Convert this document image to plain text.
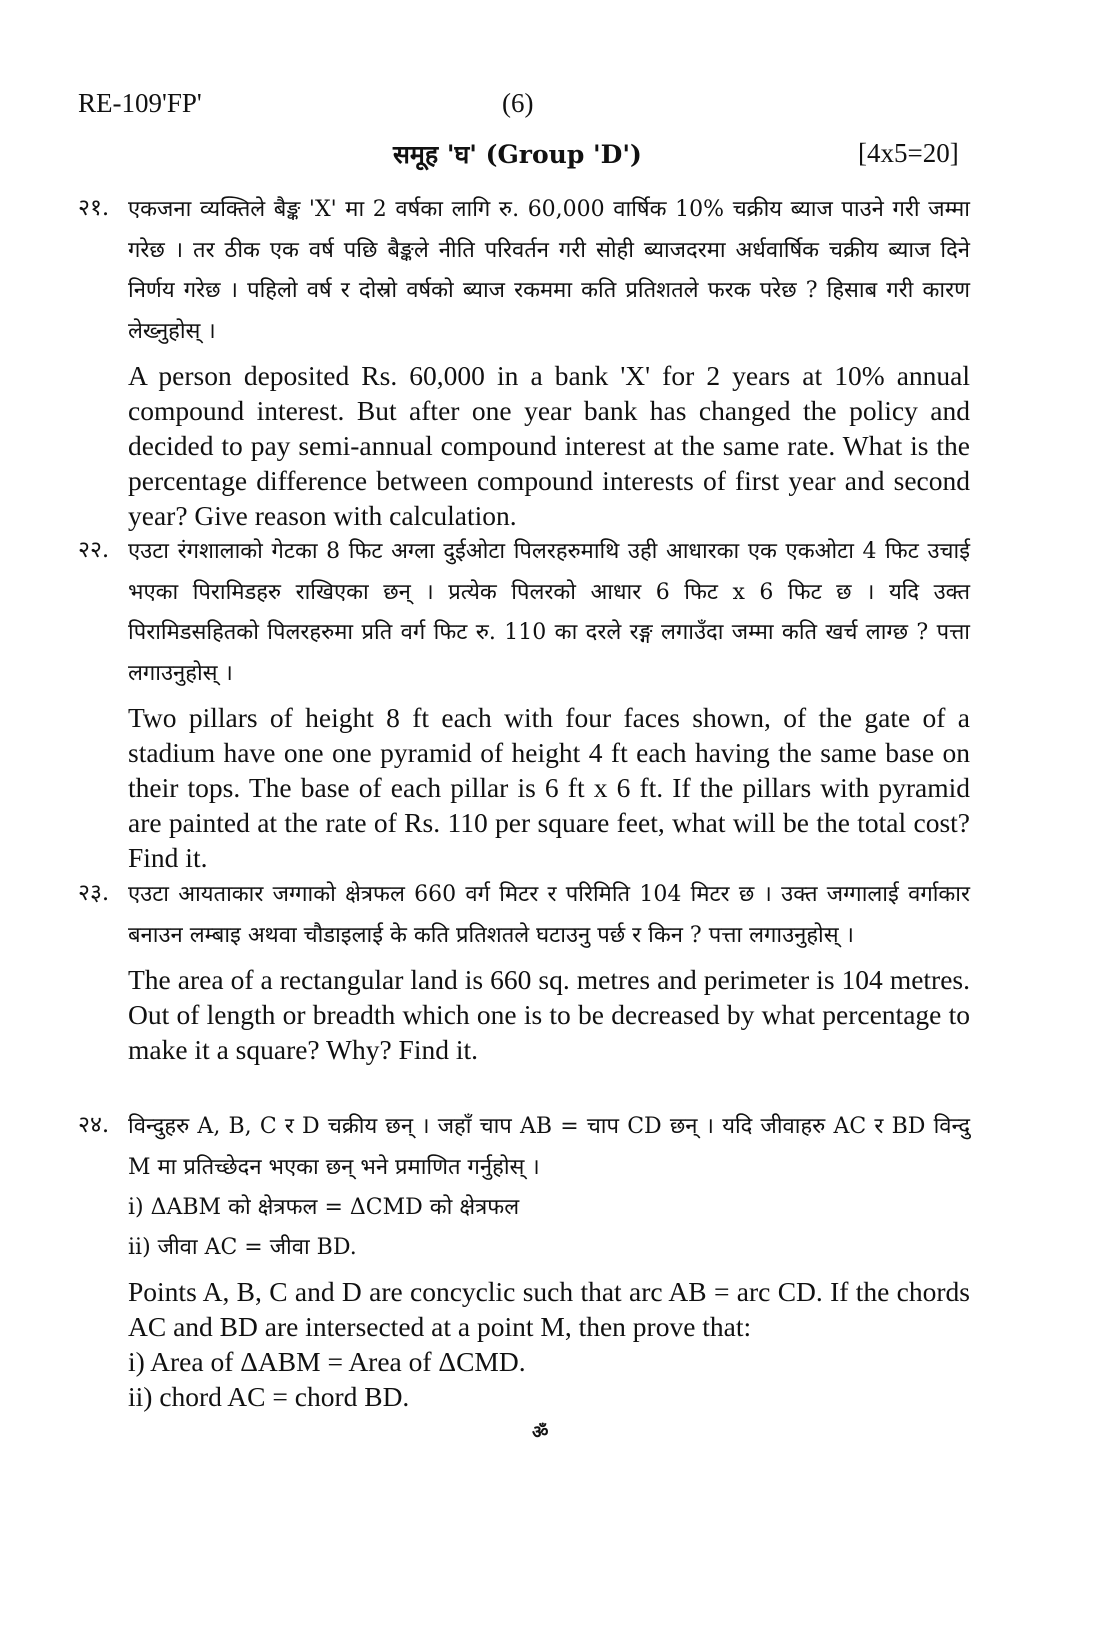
RE-109'FP'	(6)
समूह 'घ' (Group 'D')	[4x5=20]
२१. एकजना व्यक्तिले बैङ्क 'X' मा 2 वर्षका लागि रु. 60,000 वार्षिक 10% चक्रीय ब्याज पाउने गरी जम्मा गरेछ । तर ठीक एक वर्ष पछि बैङ्कले नीति परिवर्तन गरी सोही ब्याजदरमा अर्धवार्षिक चक्रीय ब्याज दिने निर्णय गरेछ । पहिलो वर्ष र दोस्रो वर्षको ब्याज रकममा कति प्रतिशतले फरक परेछ ? हिसाब गरी कारण लेख्नुहोस् ।
A person deposited Rs. 60,000 in a bank 'X' for 2 years at 10% annual compound interest. But after one year bank has changed the policy and decided to pay semi-annual compound interest at the same rate. What is the percentage difference between compound interests of first year and second year? Give reason with calculation.
२२. एउटा रंगशालाको गेटका 8 फिट अग्ला दुईओटा पिलरहरुमाथि उही आधारका एक एकओटा 4 फिट उचाई भएका पिरामिडहरु राखिएका छन् । प्रत्येक पिलरको आधार 6 फिट x 6 फिट छ । यदि उक्त पिरामिडसहितको पिलरहरुमा प्रति वर्ग फिट रु. 110 का दरले रङ्ग लगाउँदा जम्मा कति खर्च लाग्छ ? पत्ता लगाउनुहोस् ।
Two pillars of height 8 ft each with four faces shown, of the gate of a stadium have one one pyramid of height 4 ft each having the same base on their tops. The base of each pillar is 6 ft x 6 ft. If the pillars with pyramid are painted at the rate of Rs. 110 per square feet, what will be the total cost? Find it.
२३. एउटा आयताकार जग्गाको क्षेत्रफल 660 वर्ग मिटर र परिमिति 104 मिटर छ । उक्त जग्गालाई वर्गाकार बनाउन लम्बाइ अथवा चौडाइलाई के कति प्रतिशतले घटाउनु पर्छ र किन ? पत्ता लगाउनुहोस् ।
The area of a rectangular land is 660 sq. metres and perimeter is 104 metres. Out of length or breadth which one is to be decreased by what percentage to make it a square? Why? Find it.
२४. विन्दुहरु A, B, C र D चक्रीय छन् । जहाँ चाप AB = चाप CD छन् । यदि जीवाहरु AC र BD विन्दु M मा प्रतिच्छेदन भएका छन् भने प्रमाणित गर्नुहोस् ।
i) ΔABM को क्षेत्रफल = ΔCMD को क्षेत्रफल
ii) जीवा AC = जीवा BD.
Points A, B, C and D are concyclic such that arc AB = arc CD. If the chords AC and BD are intersected at a point M, then prove that:
i) Area of ΔABM = Area of ΔCMD.
ii) chord AC = chord BD.
ॐ
